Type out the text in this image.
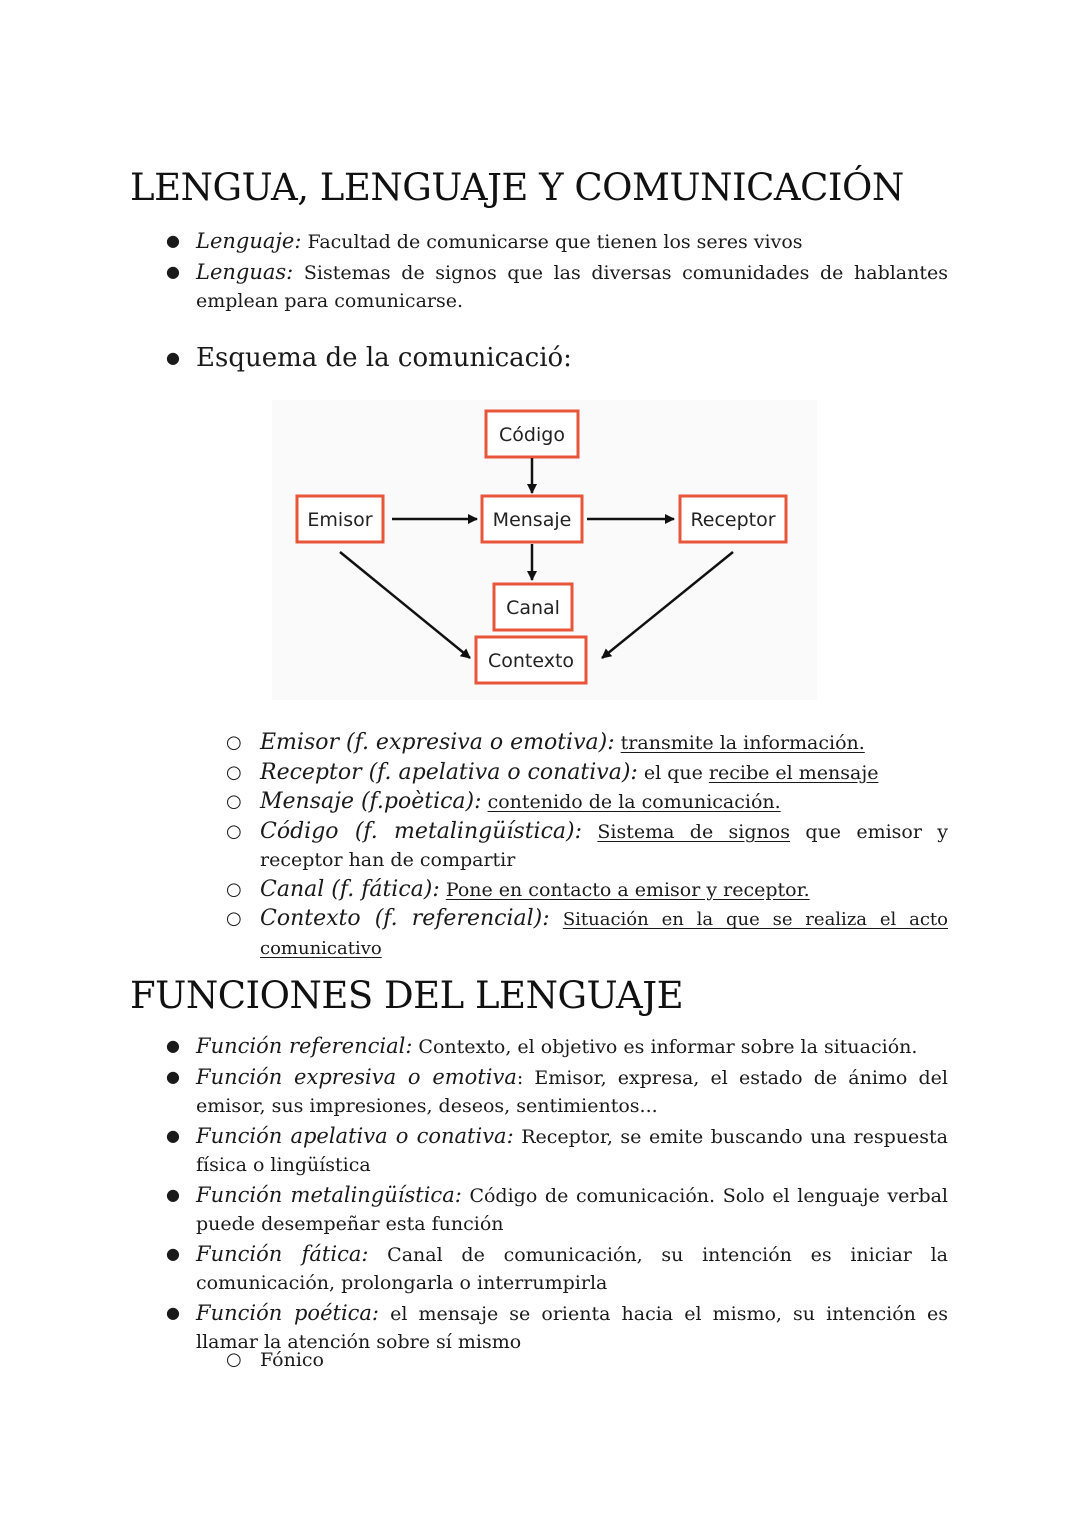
LENGUA, LENGUAJE Y COMUNICACIÓN
● Lenguaje: Facultad de comunicarse que tienen los seres vivos
● Lenguas: Sistemas de signos que las diversas comunidades de hablantes emplean para comunicarse.
● Esquema de la comunicació:
Código
Emisor	Mensaje	Receptor
Canal
Contexto
○ Emisor (f. expresiva o emotiva): transmite la información.
○ Receptor (f. apelativa o conativa): el que recibe el mensaje
○ Mensaje (f.poètica): contenido de la comunicación.
○ Código (f. metalingüística): Sistema de signos que emisor y receptor han de compartir
○ Canal (f. fática): Pone en contacto a emisor y receptor.
○ Contexto (f. referencial): Situación en la que se realiza el acto comunicativo
FUNCIONES DEL LENGUAJE
● Función referencial: Contexto, el objetivo es informar sobre la situación.
● Función expresiva o emotiva: Emisor, expresa, el estado de ánimo del emisor, sus impresiones, deseos, sentimientos...
● Función apelativa o conativa: Receptor, se emite buscando una respuesta física o lingüística
● Función metalingüística: Código de comunicación. Solo el lenguaje verbal puede desempeñar esta función
● Función fática: Canal de comunicación, su intención es iniciar la comunicación, prolongarla o interrumpirla
● Función poética: el mensaje se orienta hacia el mismo, su intención es llamar la atención sobre sí mismo
○ Fónico
